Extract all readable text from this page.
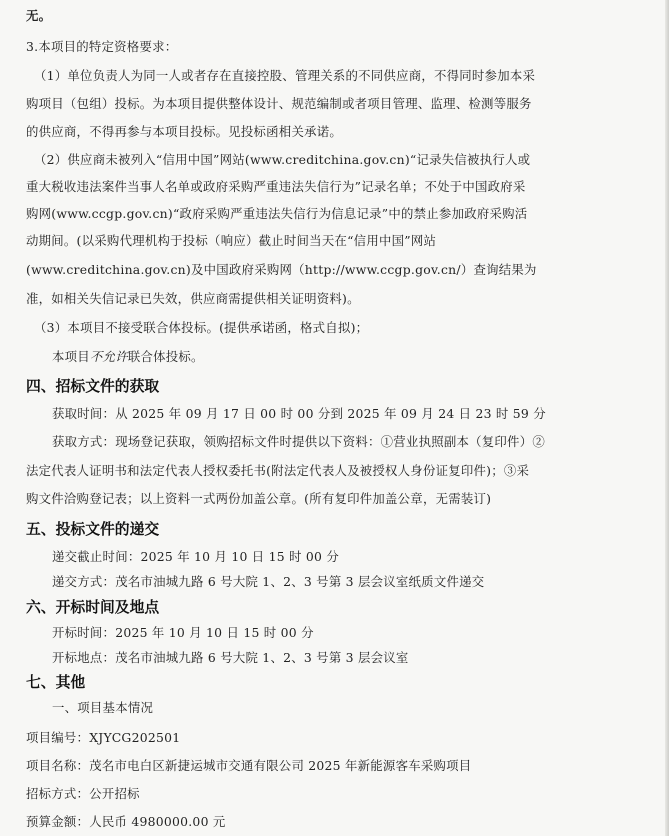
无。
3.本项目的特定资格要求：
（1）单位负责人为同一人或者存在直接控股、管理关系的不同供应商，不得同时参加本采
购项目（包组）投标。为本项目提供整体设计、规范编制或者项目管理、监理、检测等服务
的供应商，不得再参与本项目投标。见投标函相关承诺。
（2）供应商未被列入“信用中国”网站(www.creditchina.gov.cn)“记录失信被执行人或
重大税收违法案件当事人名单或政府采购严重违法失信行为”记录名单；不处于中国政府采
购网(www.ccgp.gov.cn)“政府采购严重违法失信行为信息记录”中的禁止参加政府采购活
动期间。(以采购代理机构于投标（响应）截止时间当天在“信用中国”网站
(www.creditchina.gov.cn)及中国政府采购网（http://www.ccgp.gov.cn/）查询结果为
准，如相关失信记录已失效，供应商需提供相关证明资料)。
（3）本项目不接受联合体投标。(提供承诺函，格式自拟)；
本项目不允许联合体投标。
四、招标文件的获取
获取时间：从 2025 年 09 月 17 日 00 时 00 分到 2025 年 09 月 24 日 23 时 59 分
获取方式：现场登记获取，领购招标文件时提供以下资料：①营业执照副本（复印件）②
法定代表人证明书和法定代表人授权委托书(附法定代表人及被授权人身份证复印件)；③采
购文件洽购登记表；以上资料一式两份加盖公章。(所有复印件加盖公章，无需装订)
五、投标文件的递交
递交截止时间：2025 年 10 月 10 日 15 时 00 分
递交方式：茂名市油城九路 6 号大院 1、2、3 号第 3 层会议室纸质文件递交
六、开标时间及地点
开标时间：2025 年 10 月 10 日 15 时 00 分
开标地点：茂名市油城九路 6 号大院 1、2、3 号第 3 层会议室
七、其他
一、项目基本情况
项目编号：XJYCG202501
项目名称：茂名市电白区新捷运城市交通有限公司 2025 年新能源客车采购项目
招标方式：公开招标
预算金额：人民币 4980000.00 元
